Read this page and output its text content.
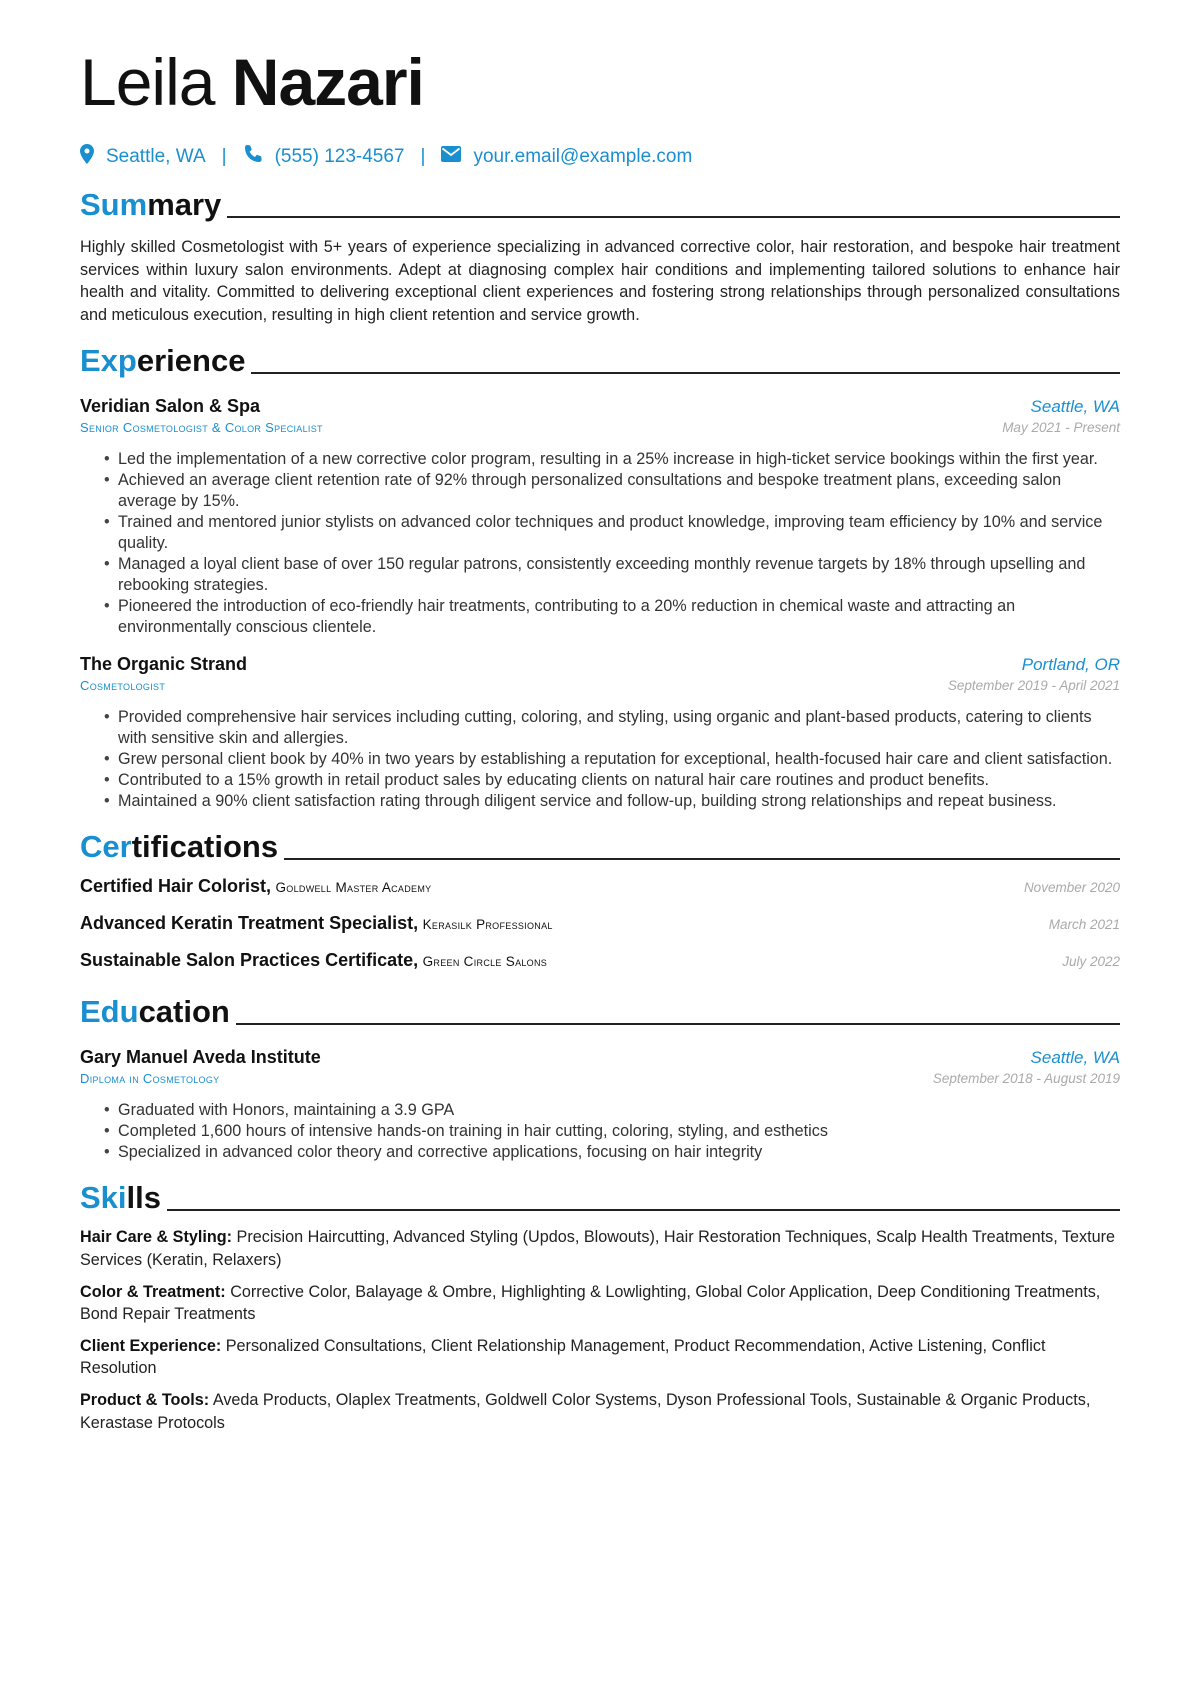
Leila Nazari
Seattle, WA |	(555) 123-4567 |	your.email@example.com
Summary
Highly skilled Cosmetologist with 5+ years of experience specializing in advanced corrective color, hair restoration, and bespoke hair treatment services within luxury salon environments. Adept at diagnosing complex hair conditions and implementing tailored solutions to enhance hair health and vitality. Committed to delivering exceptional client experiences and fostering strong relationships through personalized consultations and meticulous execution, resulting in high client retention and service growth.
Experience
Veridian Salon & Spa	Seattle, WA
Senior Cosmetologist & Color Specialist	May 2021 - Present
• Led the implementation of a new corrective color program, resulting in a 25% increase in high-ticket service bookings within the first year.
• Achieved an average client retention rate of 92% through personalized consultations and bespoke treatment plans, exceeding salon average by 15%.
• Trained and mentored junior stylists on advanced color techniques and product knowledge, improving team efficiency by 10% and service quality.
• Managed a loyal client base of over 150 regular patrons, consistently exceeding monthly revenue targets by 18% through upselling and rebooking strategies.
• Pioneered the introduction of eco-friendly hair treatments, contributing to a 20% reduction in chemical waste and attracting an environmentally conscious clientele.
The Organic Strand	Portland, OR
Cosmetologist	September 2019 - April 2021
• Provided comprehensive hair services including cutting, coloring, and styling, using organic and plant-based products, catering to clients with sensitive skin and allergies.
• Grew personal client book by 40% in two years by establishing a reputation for exceptional, health-focused hair care and client satisfaction.
• Contributed to a 15% growth in retail product sales by educating clients on natural hair care routines and product benefits.
• Maintained a 90% client satisfaction rating through diligent service and follow-up, building strong relationships and repeat business.
Certifications
Certified Hair Colorist, Goldwell Master Academy	November 2020
Advanced Keratin Treatment Specialist, Kerasilk Professional	March 2021
Sustainable Salon Practices Certificate, Green Circle Salons	July 2022
Education
Gary Manuel Aveda Institute	Seattle, WA
Diploma in Cosmetology	September 2018 - August 2019
• Graduated with Honors, maintaining a 3.9 GPA
• Completed 1,600 hours of intensive hands-on training in hair cutting, coloring, styling, and esthetics
• Specialized in advanced color theory and corrective applications, focusing on hair integrity
Skills
Hair Care & Styling: Precision Haircutting, Advanced Styling (Updos, Blowouts), Hair Restoration Techniques, Scalp Health Treatments, Texture Services (Keratin, Relaxers)
Color & Treatment: Corrective Color, Balayage & Ombre, Highlighting & Lowlighting, Global Color Application, Deep Conditioning Treatments, Bond Repair Treatments
Client Experience: Personalized Consultations, Client Relationship Management, Product Recommendation, Active Listening, Conflict Resolution
Product & Tools: Aveda Products, Olaplex Treatments, Goldwell Color Systems, Dyson Professional Tools, Sustainable & Organic Products, Kerastase Protocols
